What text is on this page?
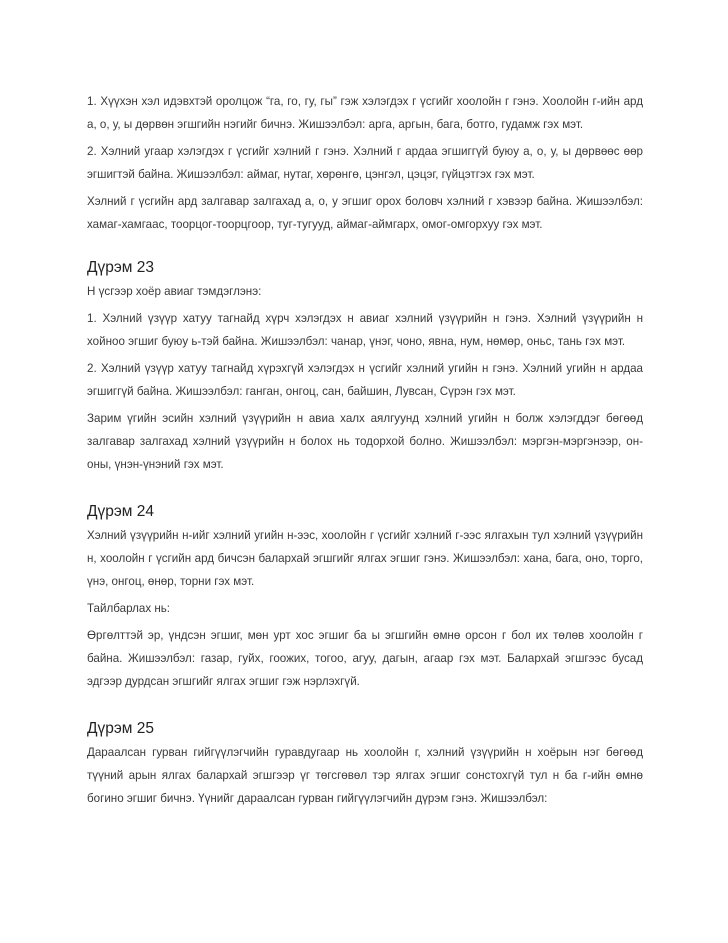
1. Хүүхэн хэл идэвхтэй оролцож “га, го, гу, гы” гэж хэлэгдэх г үсгийг хоолойн г гэнэ. Хоолойн г-ийн ард а, о, у, ы дөрвөн эгшгийн нэгийг бичнэ. Жишээлбэл: арга, аргын, бага, ботго, гудамж гэх мэт.

2. Хэлний угаар хэлэгдэх г үсгийг хэлний г гэнэ. Хэлний г ардаа эгшиггүй буюу а, о, у, ы дөрвөөс өөр эгшигтэй байна. Жишээлбэл: аймаг, нутаг, хөрөнгө, цэнгэл, цэцэг, гүйцэтгэх гэх мэт.

Хэлний г үсгийн ард залгавар залгахад а, о, у эгшиг орох боловч хэлний г хэвээр байна. Жишээлбэл: хамаг-хамгаас, тоорцог-тоорцгоор, туг-тугууд, аймаг-аймгарх, омог-омгорхуу гэх мэт.

Дүрэм 23

Н үсгээр хоёр авиаг тэмдэглэнэ:

1. Хэлний үзүүр хатуу тагнайд хүрч хэлэгдэх н авиаг хэлний үзүүрийн н гэнэ. Хэлний үзүүрийн н хойноо эгшиг буюу ь-тэй байна. Жишээлбэл: чанар, үнэг, чоно, явна, нум, нөмөр, оньс, тань гэх мэт.

2. Хэлний үзүүр хатуу тагнайд хүрэхгүй хэлэгдэх н үсгийг хэлний угийн н гэнэ. Хэлний угийн н ардаа эгшиггүй байна. Жишээлбэл: ганган, онгоц, сан, байшин, Лувсан, Сүрэн гэх мэт.

Зарим үгийн эсийн хэлний үзүүрийн н авиа халх аялгуунд хэлний угийн н болж хэлэгддэг бөгөөд залгавар залгахад хэлний үзүүрийн н болох нь тодорхой болно. Жишээлбэл: мэргэн-мэргэнээр, он-оны, үнэн-үнэний гэх мэт.

Дүрэм 24

Хэлний үзүүрийн н-ийг хэлний угийн н-ээс, хоолойн г үсгийг хэлний г-ээс ялгахын тул хэлний үзүүрийн н, хоолойн г үсгийн ард бичсэн балархай эгшгийг ялгах эгшиг гэнэ. Жишээлбэл: хана, бага, оно, торго, үнэ, онгоц, өнөр, торни гэх мэт.

Тайлбарлах нь:

Өргөлттэй эр, үндсэн эгшиг, мөн урт хос эгшиг ба ы эгшгийн өмнө орсон г бол их төлөв хоолойн г байна. Жишээлбэл: газар, гуйх, гоожих, тогоо, агуу, дагын, агаар гэх мэт. Балархай эгшгээс бусад эдгээр дурдсан эгшгийг ялгах эгшиг гэж нэрлэхгүй.

Дүрэм 25

Дараалсан гурван гийгүүлэгчийн гуравдугаар нь хоолойн г, хэлний үзүүрийн н хоёрын нэг бөгөөд түүний арын ялгах балархай эгшгээр үг төгсгөвөл тэр ялгах эгшиг сонстохгүй тул н ба г-ийн өмнө богино эгшиг бичнэ. Үүнийг дараалсан гурван гийгүүлэгчийн дүрэм гэнэ. Жишээлбэл:
